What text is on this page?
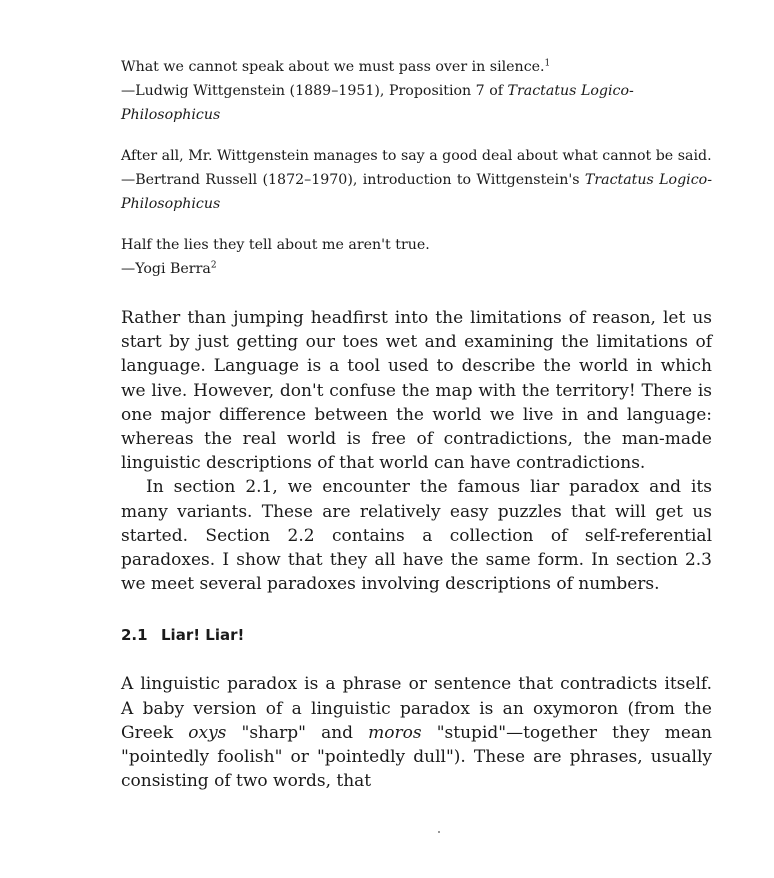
What we cannot speak about we must pass over in silence.$^1$

—Ludwig Wittgenstein (1889–1951), Proposition 7 of Tractatus Logico-Philosophicus

After all, Mr. Wittgenstein manages to say a good deal about what cannot be said.

—Bertrand Russell (1872–1970), introduction to Wittgenstein's Tractatus Logico-Philosophicus

Half the lies they tell about me aren't true.

—Yogi Berra$^2$

Rather than jumping headfirst into the limitations of reason, let us start by just getting our toes wet and examining the limitations of language. Language is a tool used to describe the world in which we live. However, don't confuse the map with the territory! There is one major difference between the world we live in and language: whereas the real world is free of contradictions, the man-made linguistic descriptions of that world can have contradictions.

In section 2.1, we encounter the famous liar paradox and its many variants. These are relatively easy puzzles that will get us started. Section 2.2 contains a collection of self-referential paradoxes. I show that they all have the same form. In section 2.3 we meet several paradoxes involving descriptions of numbers.

2.1 Liar! Liar!

A linguistic paradox is a phrase or sentence that contradicts itself. A baby version of a linguistic paradox is an oxymoron (from the Greek oxys "sharp" and moros "stupid"—together they mean "pointedly foolish" or "pointedly dull"). These are phrases, usually consisting of two words, that
